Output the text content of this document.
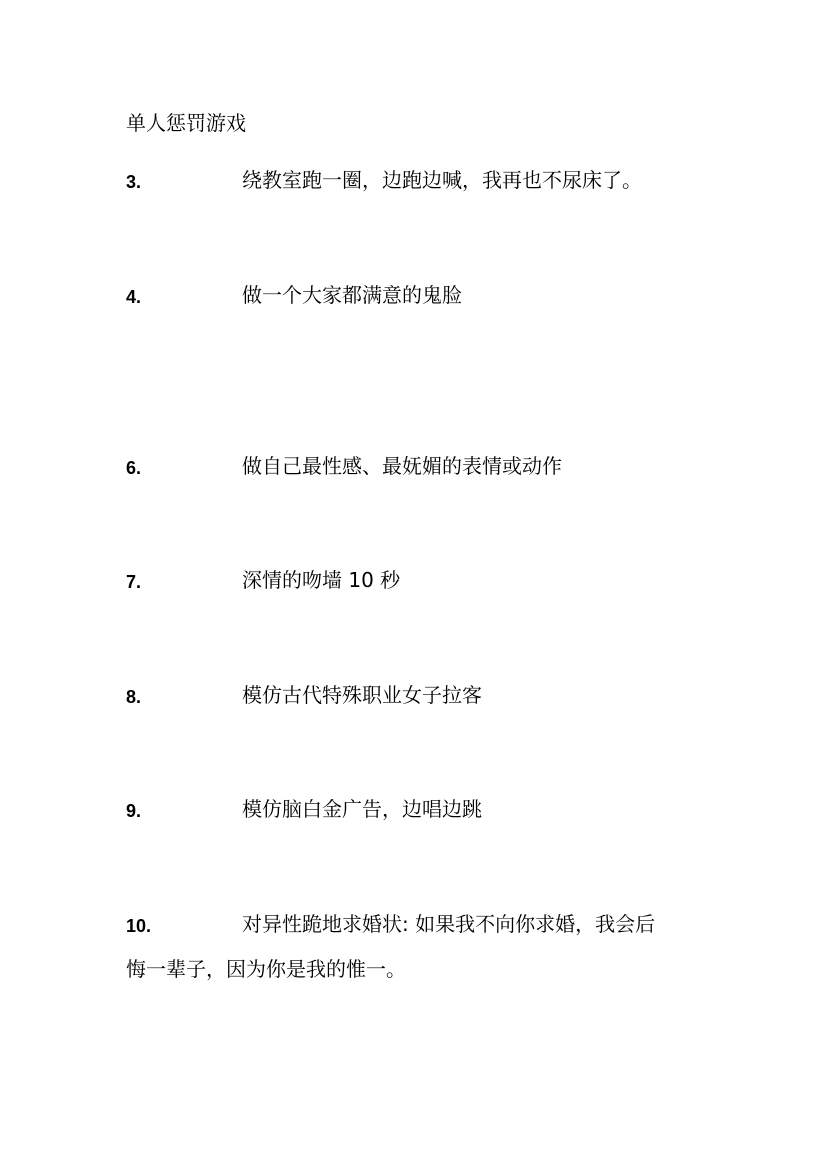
单人惩罚游戏
3.	绕教室跑一圈，边跑边喊，我再也不尿床了。
4.	做一个大家都满意的鬼脸
6.	做自己最性感、最妩媚的表情或动作
7.	深情的吻墙 10 秒
8.	模仿古代特殊职业女子拉客
9.	模仿脑白金广告，边唱边跳
10.	对异性跪地求婚状: 如果我不向你求婚，我会后
悔一辈子，因为你是我的惟一。
